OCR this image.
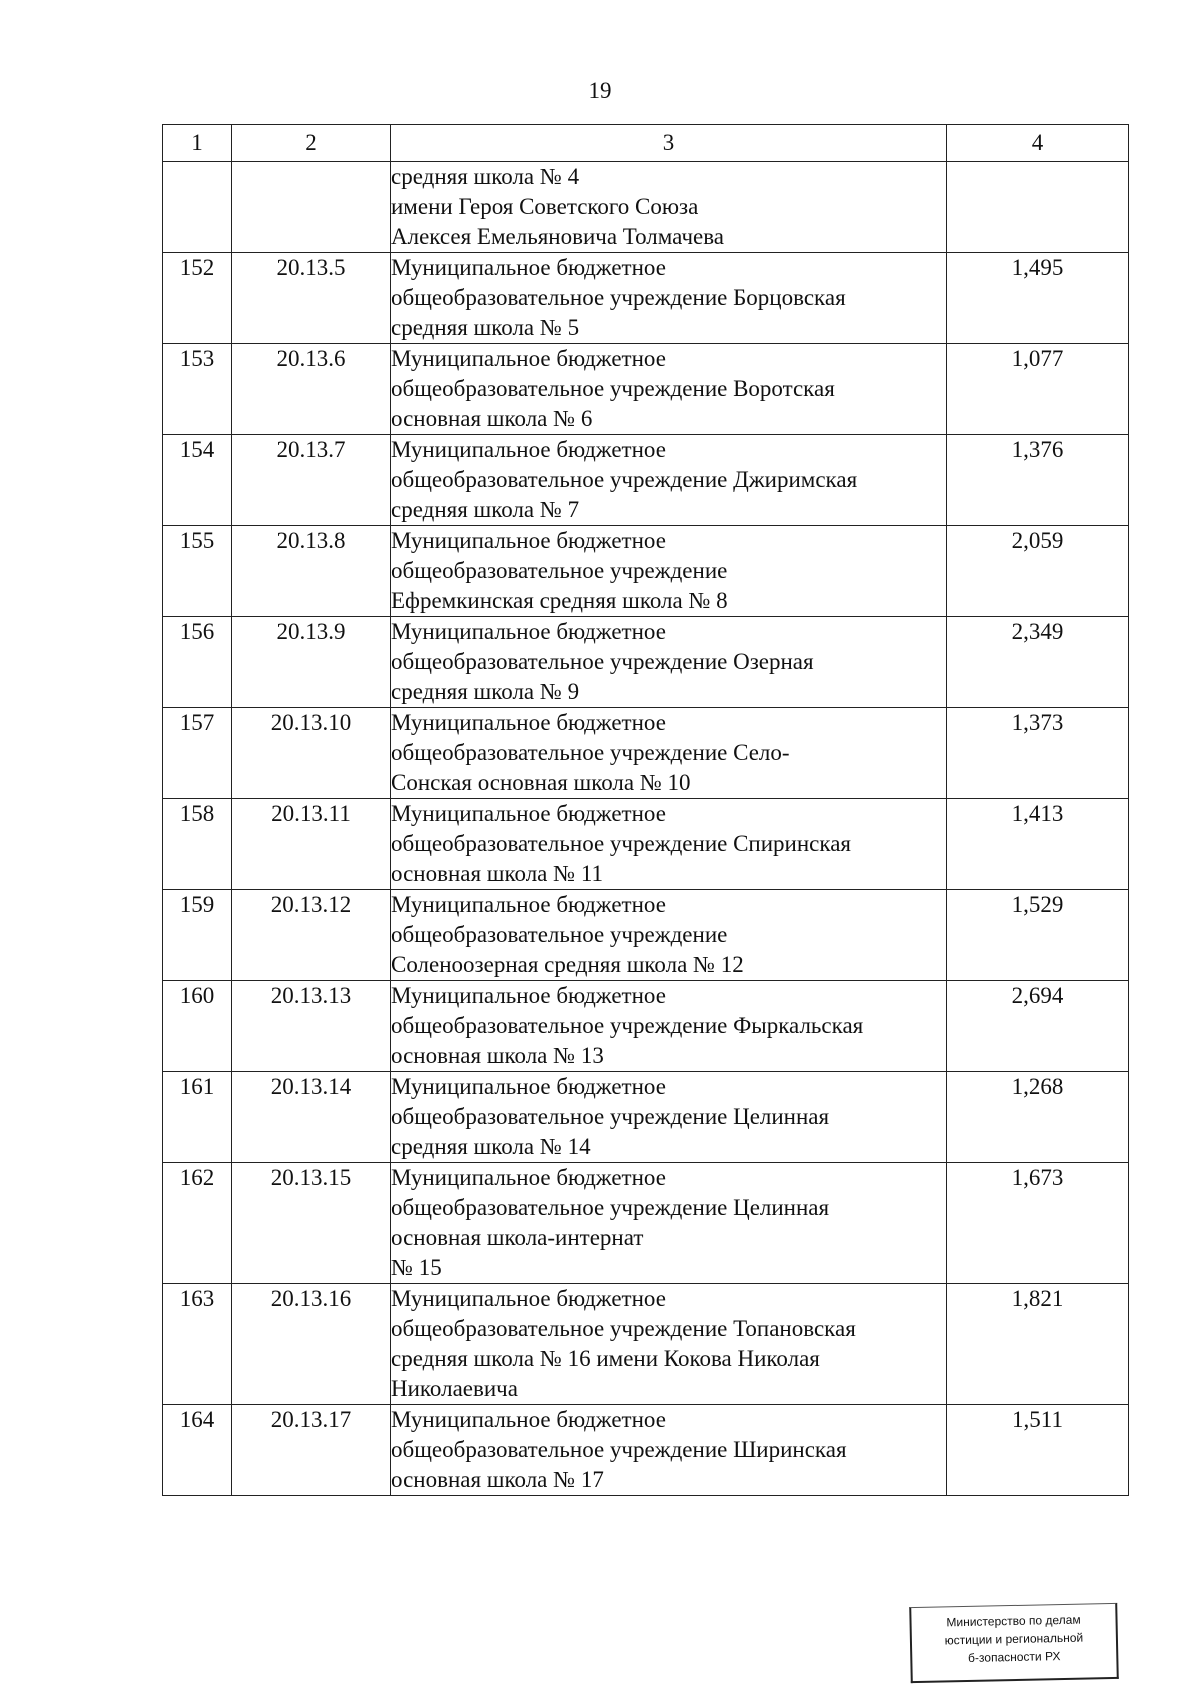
19
1	2	3	4

		средняя школа № 4
имени Героя Советского Союза
Алексея Емельяновича Толмачева	

152	20.13.5	Муниципальное бюджетное
общеобразовательное учреждение Борцовская
средняя школа № 5	1,495
153	20.13.6	Муниципальное бюджетное
общеобразовательное учреждение Воротская
основная школа № 6	1,077
154	20.13.7	Муниципальное бюджетное
общеобразовательное учреждение Джиримская
средняя школа № 7	1,376
155	20.13.8	Муниципальное бюджетное
общеобразовательное учреждение
Ефремкинская средняя школа № 8	2,059
156	20.13.9	Муниципальное бюджетное
общеобразовательное учреждение Озерная
средняя школа № 9	2,349
157	20.13.10	Муниципальное бюджетное
общеобразовательное учреждение Село-
Сонская основная школа № 10	1,373
158	20.13.11	Муниципальное бюджетное
общеобразовательное учреждение Спиринская
основная школа № 11	1,413
159	20.13.12	Муниципальное бюджетное
общеобразовательное учреждение
Соленоозерная средняя школа № 12	1,529
160	20.13.13	Муниципальное бюджетное
общеобразовательное учреждение Фыркальская
основная школа № 13	2,694
161	20.13.14	Муниципальное бюджетное
общеобразовательное учреждение Целинная
средняя школа № 14	1,268
162	20.13.15	Муниципальное бюджетное
общеобразовательное учреждение Целинная
основная школа-интернат
№ 15	1,673
163	20.13.16	Муниципальное бюджетное
общеобразовательное учреждение Топановская
средняя школа № 16 имени Кокова Николая
Николаевича	1,821
164	20.13.17	Муниципальное бюджетное
общеобразовательное учреждение Ширинская
основная школа № 17	1,511
Министерство по делам
юстиции и региональной
б-зопасности РХ
